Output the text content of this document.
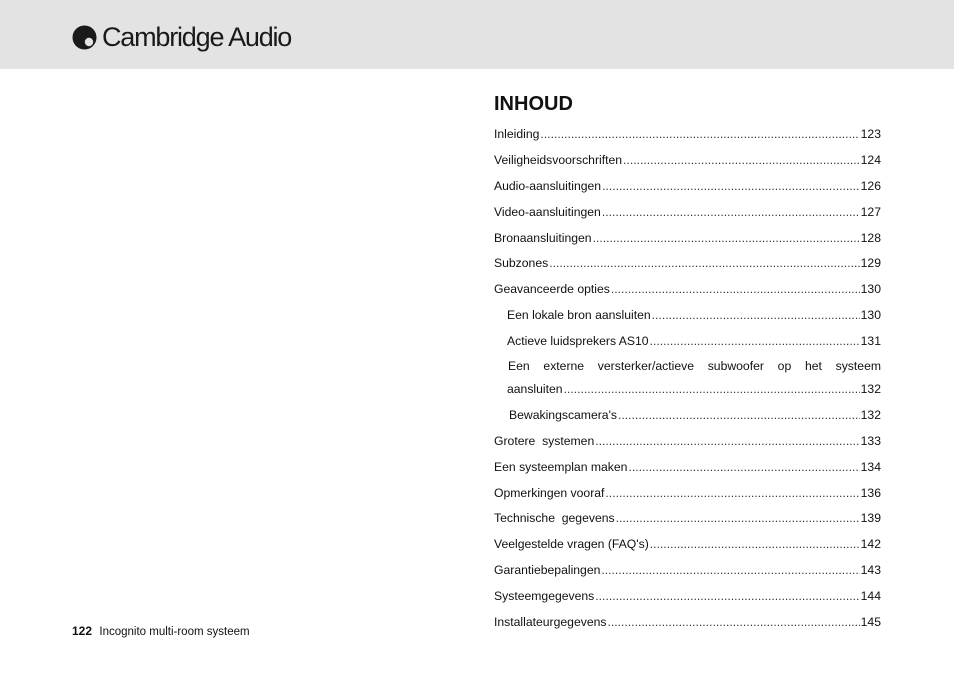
Cambridge Audio
INHOUD
Inleiding .....	123
Veiligheidsvoorschriften .....	124
Audio-aansluitingen .....	126
Video-aansluitingen .....	127
Bronaansluitingen .....	128
Subzones .....	129
Geavanceerde opties .....	130
Een lokale bron aansluiten .....	130
Actieve luidsprekers AS10 .....	131
Een externe versterker/actieve subwoofer op het systeem
aansluiten .....	132
Bewakingscamera's .....	132
Grotere  systemen .....	133
Een systeemplan maken .....	134
Opmerkingen vooraf .....	136
Technische  gegevens .....	139
Veelgestelde vragen (FAQ's) .....	142
Garantiebepalingen .....	143
Systeemgegevens .....	144
Installateurgegevens .....	145
122 Incognito multi-room systeem
